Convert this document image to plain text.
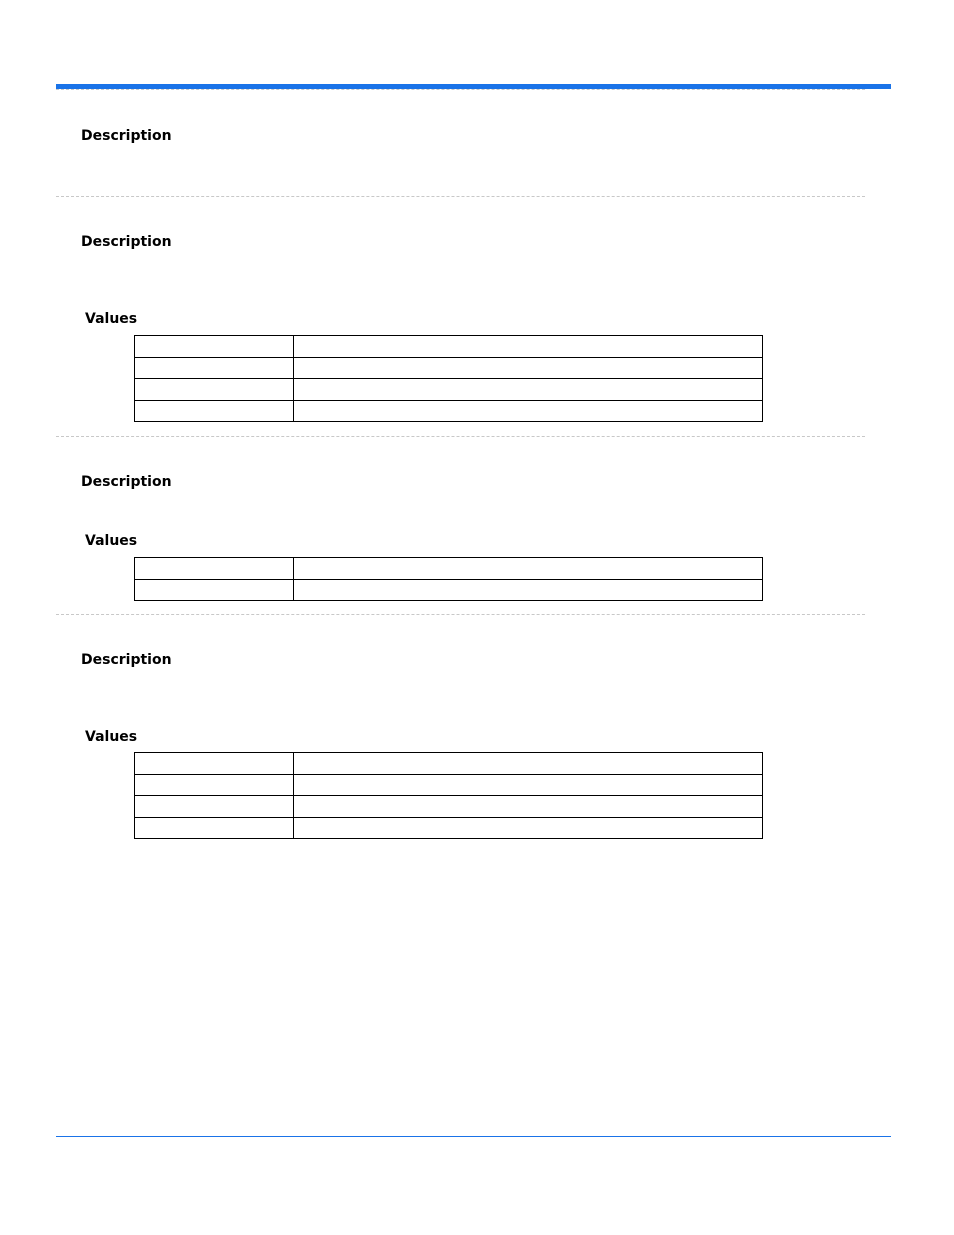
Description
Description
Values

Description
Values

Description
Values
